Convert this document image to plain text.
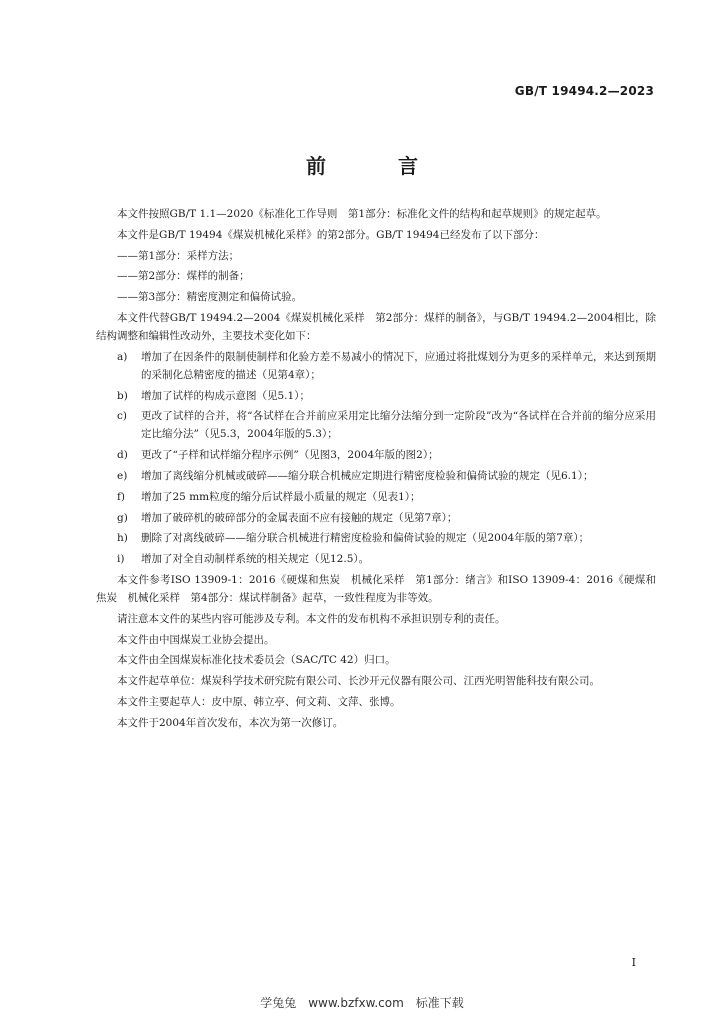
GB/T 19494.2—2023
前　言

本文件按照GB/T 1.1—2020《标准化工作导则　第1部分：标准化文件的结构和起草规则》的规定起草。

本文件是GB/T 19494《煤炭机械化采样》的第2部分。GB/T 19494已经发布了以下部分：

——第1部分：采样方法；
——第2部分：煤样的制备；
——第3部分：精密度测定和偏倚试验。

本文件代替GB/T 19494.2—2004《煤炭机械化采样　第2部分：煤样的制备》，与GB/T 19494.2—2004相比，除结构调整和编辑性改动外，主要技术变化如下：

a)	增加了在因条件的限制使制样和化验方差不易减小的情况下，应通过将批煤划分为更多的采样单元，来达到预期的采制化总精密度的描述（见第4章）；
b)	增加了试样的构成示意图（见5.1）；
c)	更改了试样的合并，将“各试样在合并前应采用定比缩分法缩分到一定阶段”改为“各试样在合并前的缩分应采用定比缩分法”（见5.3，2004年版的5.3）；
d)	更改了“子样和试样缩分程序示例”（见图3，2004年版的图2）；
e)	增加了离线缩分机械或破碎——缩分联合机械应定期进行精密度检验和偏倚试验的规定（见6.1）；
f)	增加了25 mm粒度的缩分后试样最小质量的规定（见表1）；
g)	增加了破碎机的破碎部分的金属表面不应有接触的规定（见第7章）；
h)	删除了对离线破碎——缩分联合机械进行精密度检验和偏倚试验的规定（见2004年版的第7章）；
i)	增加了对全自动制样系统的相关规定（见12.5）。

本文件参考ISO 13909-1：2016《硬煤和焦炭　机械化采样　第1部分：绪言》和ISO 13909-4：2016《硬煤和焦炭　机械化采样　第4部分：煤试样制备》起草，一致性程度为非等效。

请注意本文件的某些内容可能涉及专利。本文件的发布机构不承担识别专利的责任。

本文件由中国煤炭工业协会提出。

本文件由全国煤炭标准化技术委员会（SAC/TC 42）归口。

本文件起草单位：煤炭科学技术研究院有限公司、长沙开元仪器有限公司、江西光明智能科技有限公司。

本文件主要起草人：皮中原、韩立亭、何文莉、文萍、张博。

本文件于2004年首次发布，本次为第一次修订。

I
学兔兔　www.bzfxw.com　标准下载
